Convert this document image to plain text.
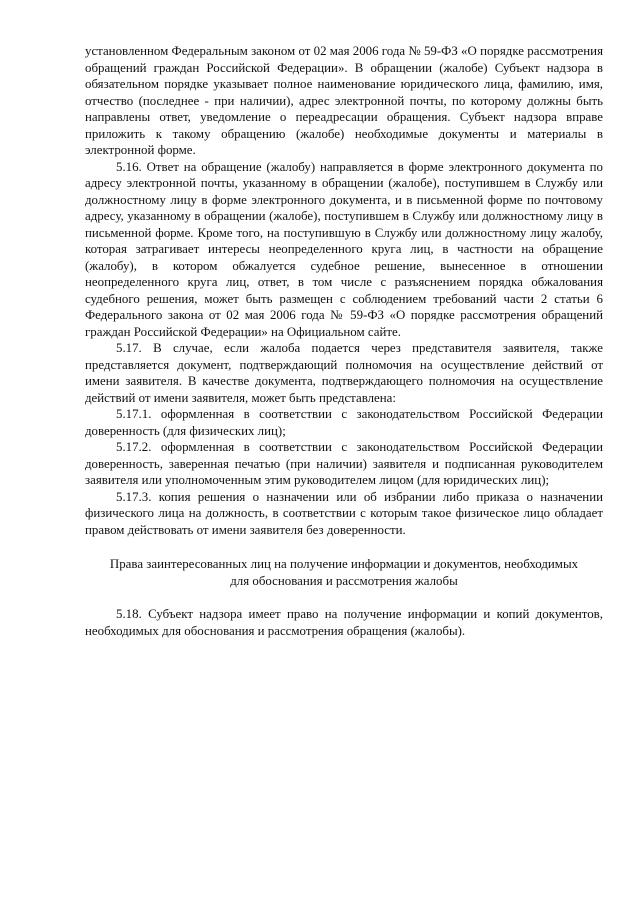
установленном Федеральным законом от 02 мая 2006 года № 59-ФЗ «О порядке рассмотрения обращений граждан Российской Федерации». В обращении (жалобе) Субъект надзора в обязательном порядке указывает полное наименование юридического лица, фамилию, имя, отчество (последнее - при наличии), адрес электронной почты, по которому должны быть направлены ответ, уведомление о переадресации обращения. Субъект надзора вправе приложить к такому обращению (жалобе) необходимые документы и материалы в электронной форме.

5.16. Ответ на обращение (жалобу) направляется в форме электронного документа по адресу электронной почты, указанному в обращении (жалобе), поступившем в Службу или должностному лицу в форме электронного документа, и в письменной форме по почтовому адресу, указанному в обращении (жалобе), поступившем в Службу или должностному лицу в письменной форме. Кроме того, на поступившую в Службу или должностному лицу жалобу, которая затрагивает интересы неопределенного круга лиц, в частности на обращение (жалобу), в котором обжалуется судебное решение, вынесенное в отношении неопределенного круга лиц, ответ, в том числе с разъяснением порядка обжалования судебного решения, может быть размещен с соблюдением требований части 2 статьи 6 Федерального закона от 02 мая 2006 года № 59-ФЗ «О порядке рассмотрения обращений граждан Российской Федерации» на Официальном сайте.

5.17. В случае, если жалоба подается через представителя заявителя, также представляется документ, подтверждающий полномочия на осуществление действий от имени заявителя. В качестве документа, подтверждающего полномочия на осуществление действий от имени заявителя, может быть представлена:

5.17.1. оформленная в соответствии с законодательством Российской Федерации доверенность (для физических лиц);

5.17.2. оформленная в соответствии с законодательством Российской Федерации доверенность, заверенная печатью (при наличии) заявителя и подписанная руководителем заявителя или уполномоченным этим руководителем лицом (для юридических лиц);

5.17.3. копия решения о назначении или об избрании либо приказа о назначении физического лица на должность, в соответствии с которым такое физическое лицо обладает правом действовать от имени заявителя без доверенности.

Права заинтересованных лиц на получение информации и документов, необходимых для обоснования и рассмотрения жалобы

5.18. Субъект надзора имеет право на получение информации и копий документов, необходимых для обоснования и рассмотрения обращения (жалобы).
